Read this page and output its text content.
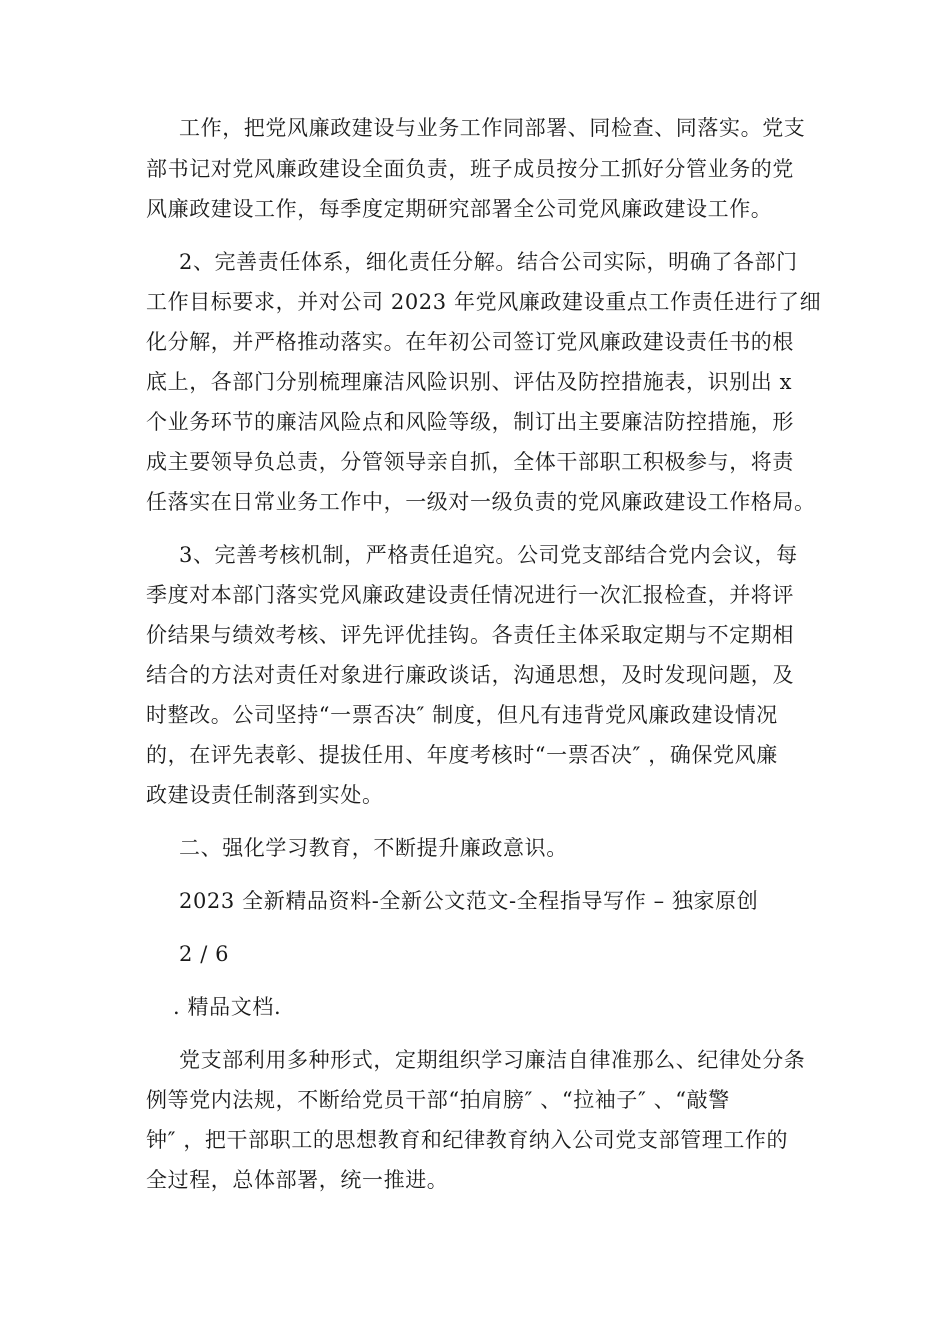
工作，把党风廉政建设与业务工作同部署、同检查、同落实。党支
部书记对党风廉政建设全面负责，班子成员按分工抓好分管业务的党
风廉政建设工作，每季度定期研究部署全公司党风廉政建设工作。
2、完善责任体系，细化责任分解。结合公司实际，明确了各部门
工作目标要求，并对公司 2023 年党风廉政建设重点工作责任进行了细
化分解，并严格推动落实。在年初公司签订党风廉政建设责任书的根
底上，各部门分别梳理廉洁风险识别、评估及防控措施表，识别出 x
个业务环节的廉洁风险点和风险等级，制订出主要廉洁防控措施，形
成主要领导负总责，分管领导亲自抓，全体干部职工积极参与，将责
任落实在日常业务工作中，一级对一级负责的党风廉政建设工作格局。
3、完善考核机制，严格责任追究。公司党支部结合党内会议，每
季度对本部门落实党风廉政建设责任情况进行一次汇报检查，并将评
价结果与绩效考核、评先评优挂钩。各责任主体采取定期与不定期相
结合的方法对责任对象进行廉政谈话，沟通思想，及时发现问题，及
时整改。公司坚持“一票否决″ 制度，但凡有违背党风廉政建设情况
的，在评先表彰、提拔任用、年度考核时“一票否决″ ，确保党风廉
政建设责任制落到实处。
二、强化学习教育，不断提升廉政意识。
2023 全新精品资料-全新公文范文-全程指导写作 – 独家原创
2 / 6
. 精品文档.
党支部利用多种形式，定期组织学习廉洁自律准那么、纪律处分条
例等党内法规，不断给党员干部“拍肩膀″ 、“拉袖子″ 、“敲警
钟″ ，把干部职工的思想教育和纪律教育纳入公司党支部管理工作的
全过程，总体部署，统一推进。
